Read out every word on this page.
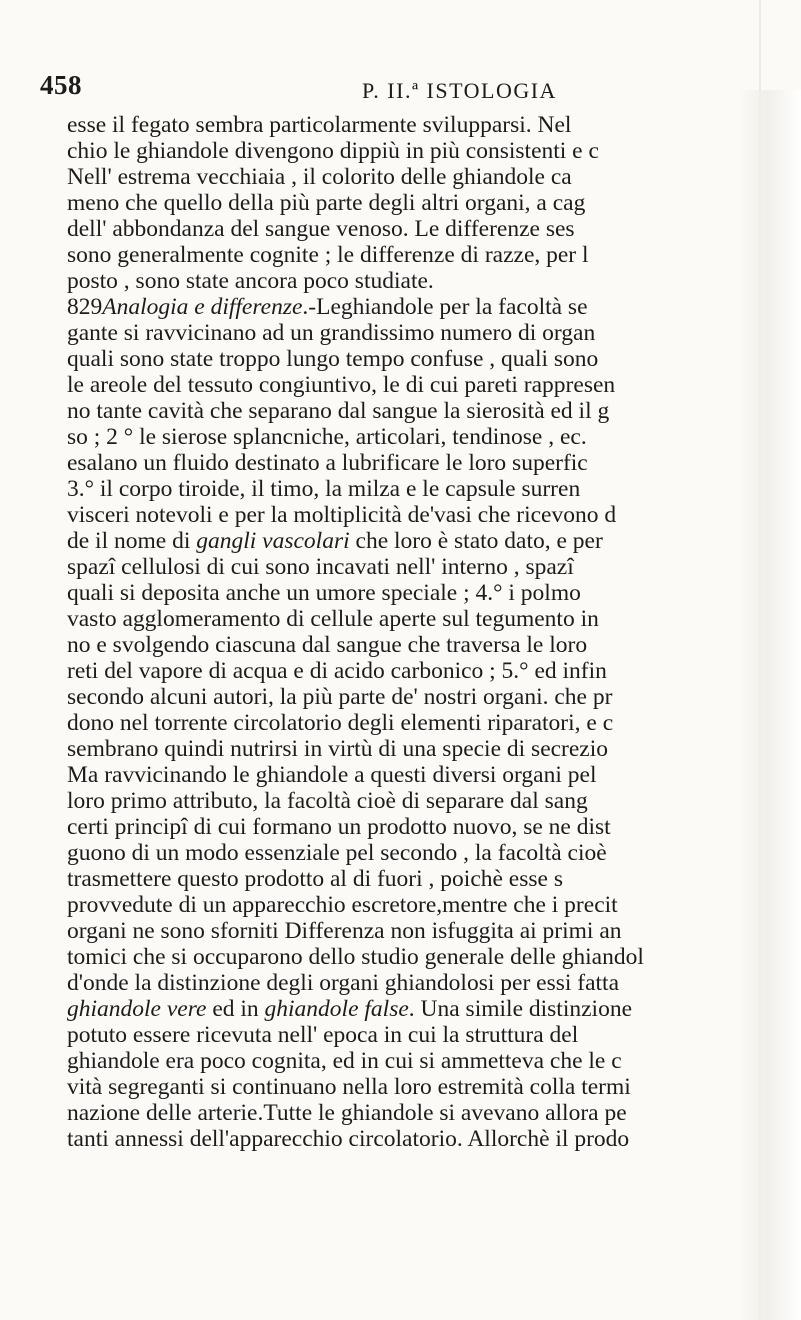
458	P. II.ª ISTOLOGIA
esse il fegato sembra particolarmente svilupparsi. Nel
chio le ghiandole divengono dippiù in più consistenti e c
Nell' estrema vecchiaia , il colorito delle ghiandole ca
meno che quello della più parte degli altri organi, a cag
dell' abbondanza del sangue venoso. Le differenze ses
sono generalmente cognite ; le differenze di razze, per l
posto , sono state ancora poco studiate.
829Analogia e differenze.-Leghiandole per la facoltà se
gante si ravvicinano ad un grandissimo numero di organ
quali sono state troppo lungo tempo confuse , quali sono
le areole del tessuto congiuntivo, le di cui pareti rappresen
no tante cavità che separano dal sangue la sierosità ed il g
so ; 2 ° le sierose splancniche, articolari, tendinose , ec.
esalano un fluido destinato a lubrificare le loro superfic
3.° il corpo tiroide, il timo, la milza e le capsule surren
visceri notevoli e per la moltiplicità de'vasi che ricevono d
de il nome di gangli vascolari che loro è stato dato, e per
spazî cellulosi di cui sono incavati nell' interno , spazî
quali si deposita anche un umore speciale ; 4.° i polmo
vasto agglomeramento di cellule aperte sul tegumento in
no e svolgendo ciascuna dal sangue che traversa le loro
reti del vapore di acqua e di acido carbonico ; 5.° ed infin
secondo alcuni autori, la più parte de' nostri organi. che pr
dono nel torrente circolatorio degli elementi riparatori, e c
sembrano quindi nutrirsi in virtù di una specie di secrezio
Ma ravvicinando le ghiandole a questi diversi organi pel
loro primo attributo, la facoltà cioè di separare dal sang
certi principî di cui formano un prodotto nuovo, se ne dist
guono di un modo essenziale pel secondo , la facoltà cioè
trasmettere questo prodotto al di fuori , poichè esse s
provvedute di un apparecchio escretore,mentre che i precit
organi ne sono sforniti Differenza non isfuggita ai primi an
tomici che si occuparono dello studio generale delle ghiandol
d'onde la distinzione degli organi ghiandolosi per essi fatta
ghiandole vere ed in ghiandole false. Una simile distinzione
potuto essere ricevuta nell' epoca in cui la struttura del
ghiandole era poco cognita, ed in cui si ammetteva che le c
vità segreganti si continuano nella loro estremità colla termi
nazione delle arterie.Tutte le ghiandole si avevano allora pe
tanti annessi dell'apparecchio circolatorio. Allorchè il prodo
